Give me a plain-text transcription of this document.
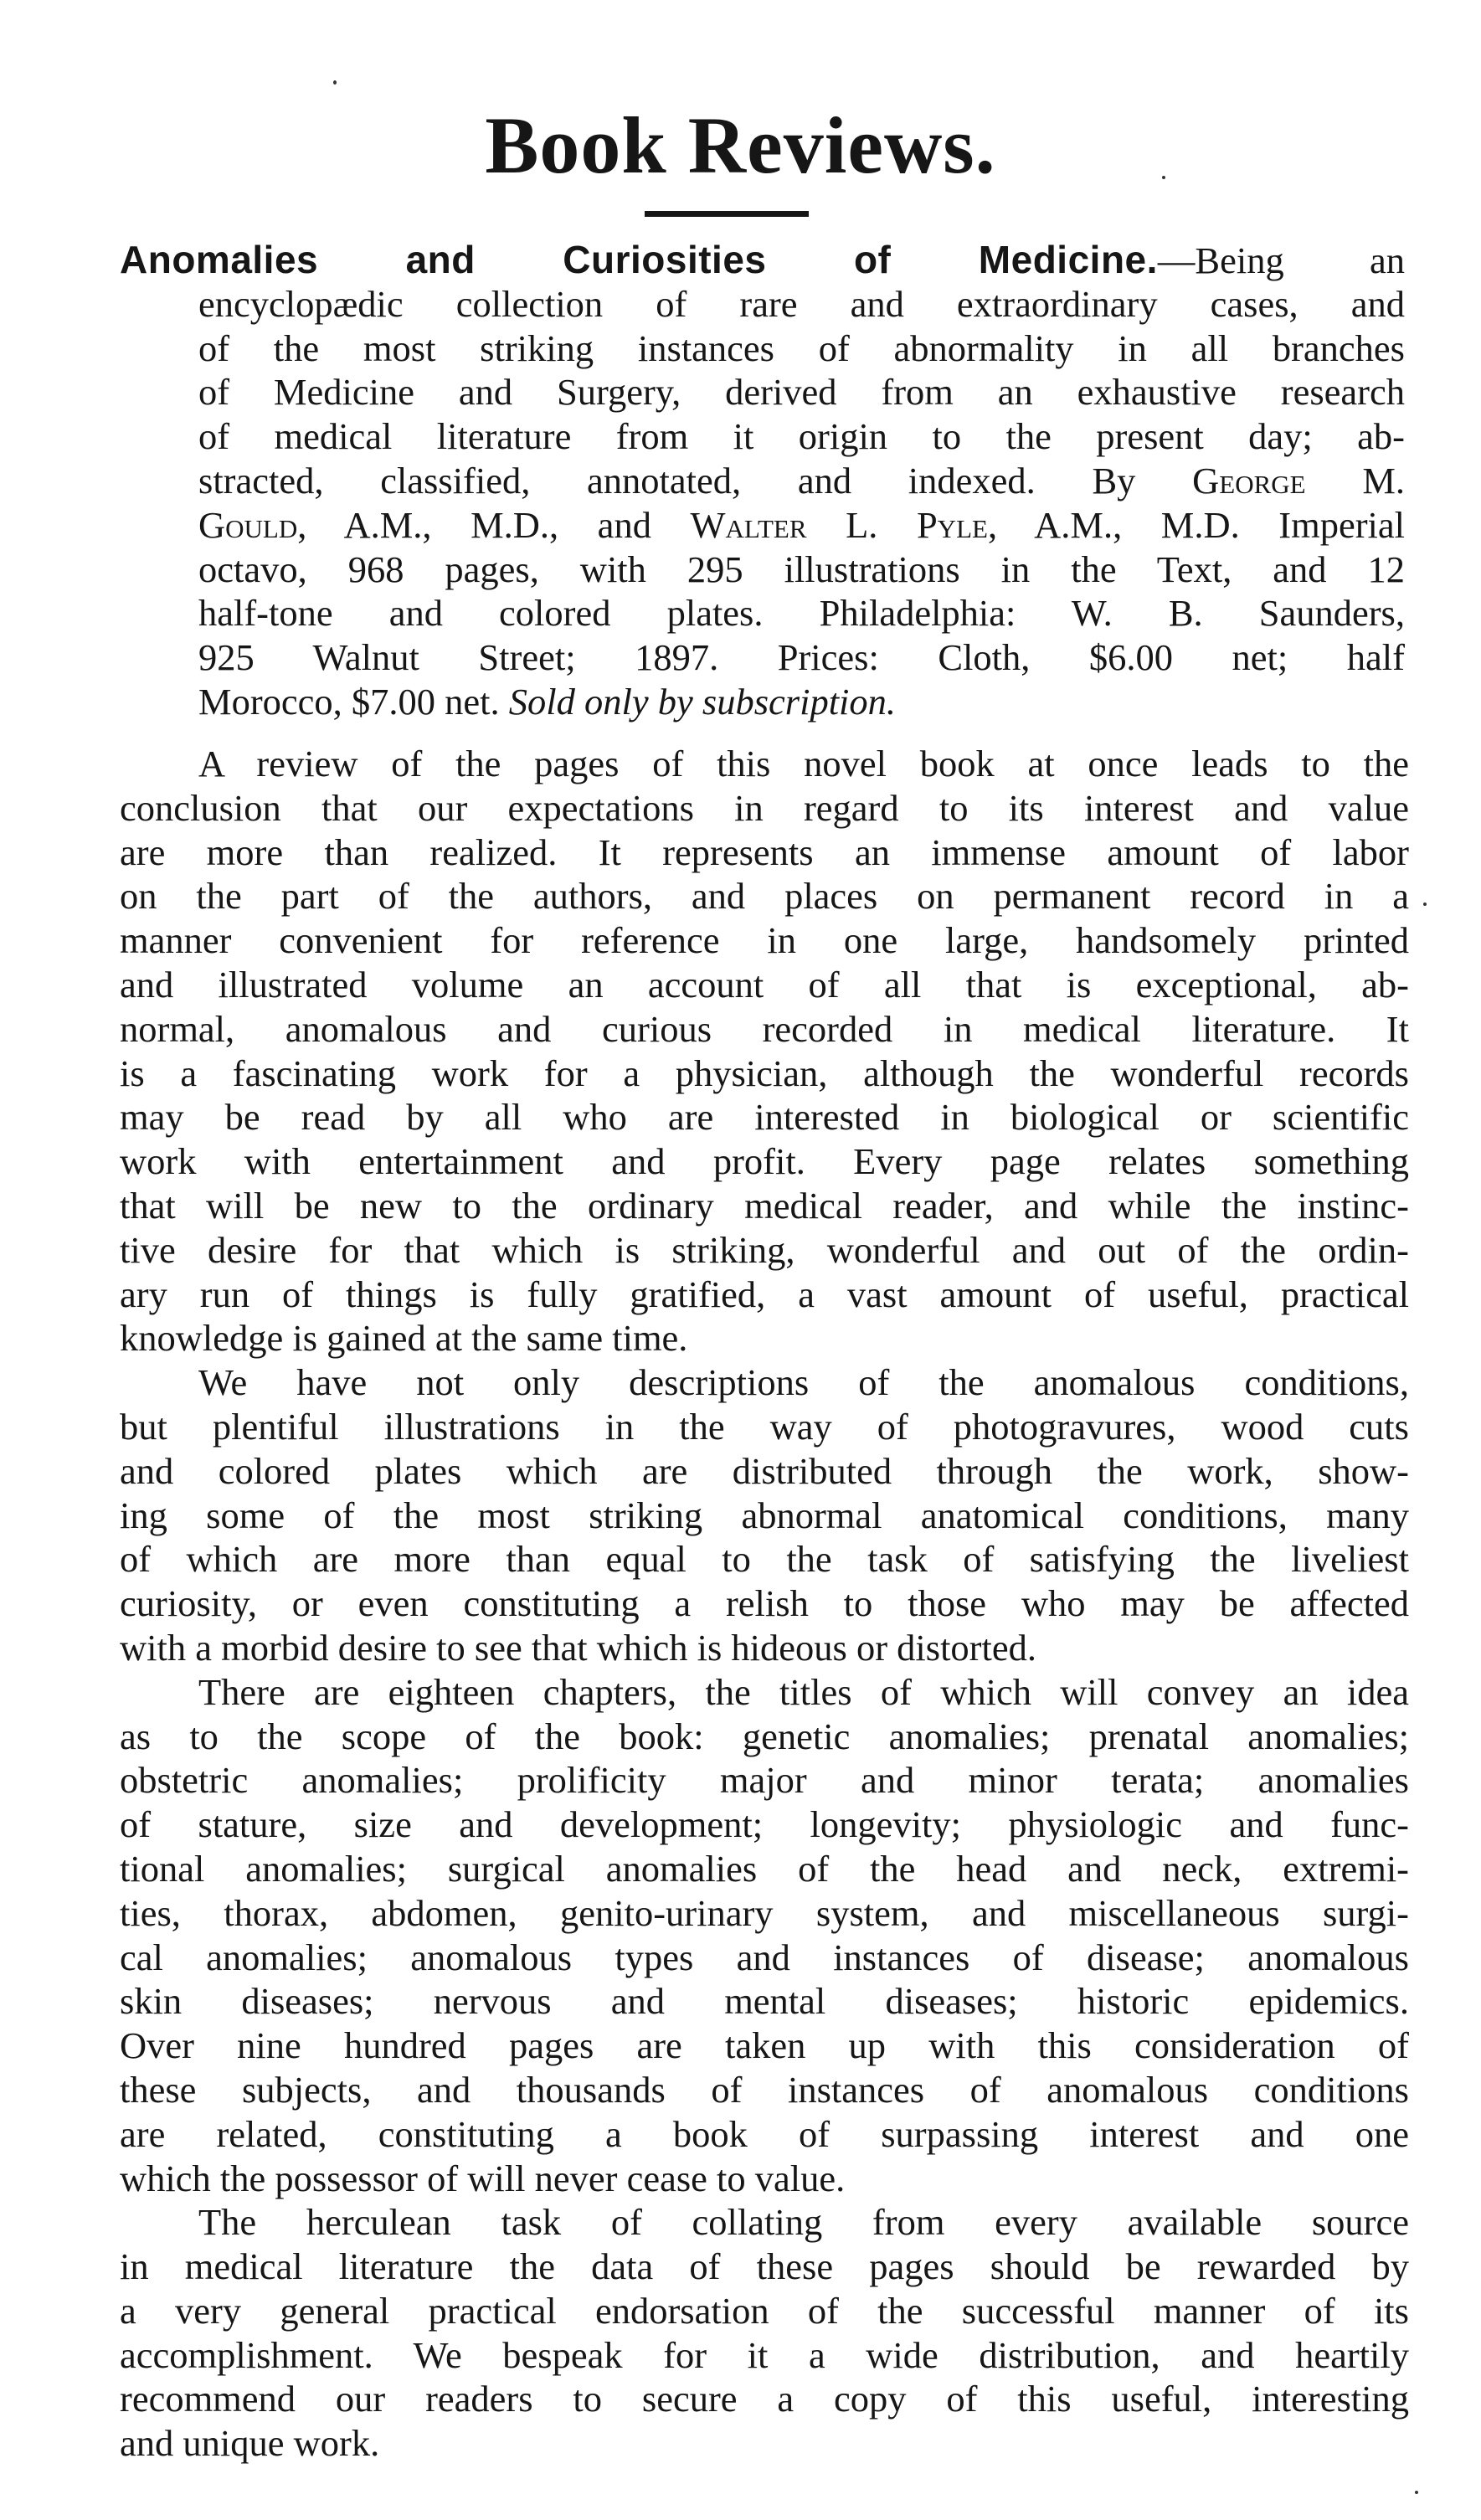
Book Reviews.
Anomalies and Curiosities of Medicine.—Being an
encyclopædic collection of rare and extraordinary cases, and
of the most striking instances of abnormality in all branches
of Medicine and Surgery, derived from an exhaustive research
of medical literature from it origin to the present day; ab-
stracted, classified, annotated, and indexed. By George M.
Gould, A.M., M.D., and Walter L. Pyle, A.M., M.D. Imperial
octavo, 968 pages, with 295 illustrations in the Text, and 12
half-tone and colored plates. Philadelphia: W. B. Saunders,
925 Walnut Street; 1897. Prices: Cloth, $6.00 net; half
Morocco, $7.00 net. Sold only by subscription.
A review of the pages of this novel book at once leads to the
conclusion that our expectations in regard to its interest and value
are more than realized. It represents an immense amount of labor
on the part of the authors, and places on permanent record in a
manner convenient for reference in one large, handsomely printed
and illustrated volume an account of all that is exceptional, ab-
normal, anomalous and curious recorded in medical literature. It
is a fascinating work for a physician, although the wonderful records
may be read by all who are interested in biological or scientific
work with entertainment and profit. Every page relates something
that will be new to the ordinary medical reader, and while the instinc-
tive desire for that which is striking, wonderful and out of the ordin-
ary run of things is fully gratified, a vast amount of useful, practical
knowledge is gained at the same time.
We have not only descriptions of the anomalous conditions,
but plentiful illustrations in the way of photogravures, wood cuts
and colored plates which are distributed through the work, show-
ing some of the most striking abnormal anatomical conditions, many
of which are more than equal to the task of satisfying the liveliest
curiosity, or even constituting a relish to those who may be affected
with a morbid desire to see that which is hideous or distorted.
There are eighteen chapters, the titles of which will convey an idea
as to the scope of the book: genetic anomalies; prenatal anomalies;
obstetric anomalies; prolificity major and minor terata; anomalies
of stature, size and development; longevity; physiologic and func-
tional anomalies; surgical anomalies of the head and neck, extremi-
ties, thorax, abdomen, genito-urinary system, and miscellaneous surgi-
cal anomalies; anomalous types and instances of disease; anomalous
skin diseases; nervous and mental diseases; historic epidemics.
Over nine hundred pages are taken up with this consideration of
these subjects, and thousands of instances of anomalous conditions
are related, constituting a book of surpassing interest and one
which the possessor of will never cease to value.
The herculean task of collating from every available source
in medical literature the data of these pages should be rewarded by
a very general practical endorsation of the successful manner of its
accomplishment. We bespeak for it a wide distribution, and heartily
recommend our readers to secure a copy of this useful, interesting
and unique work.
